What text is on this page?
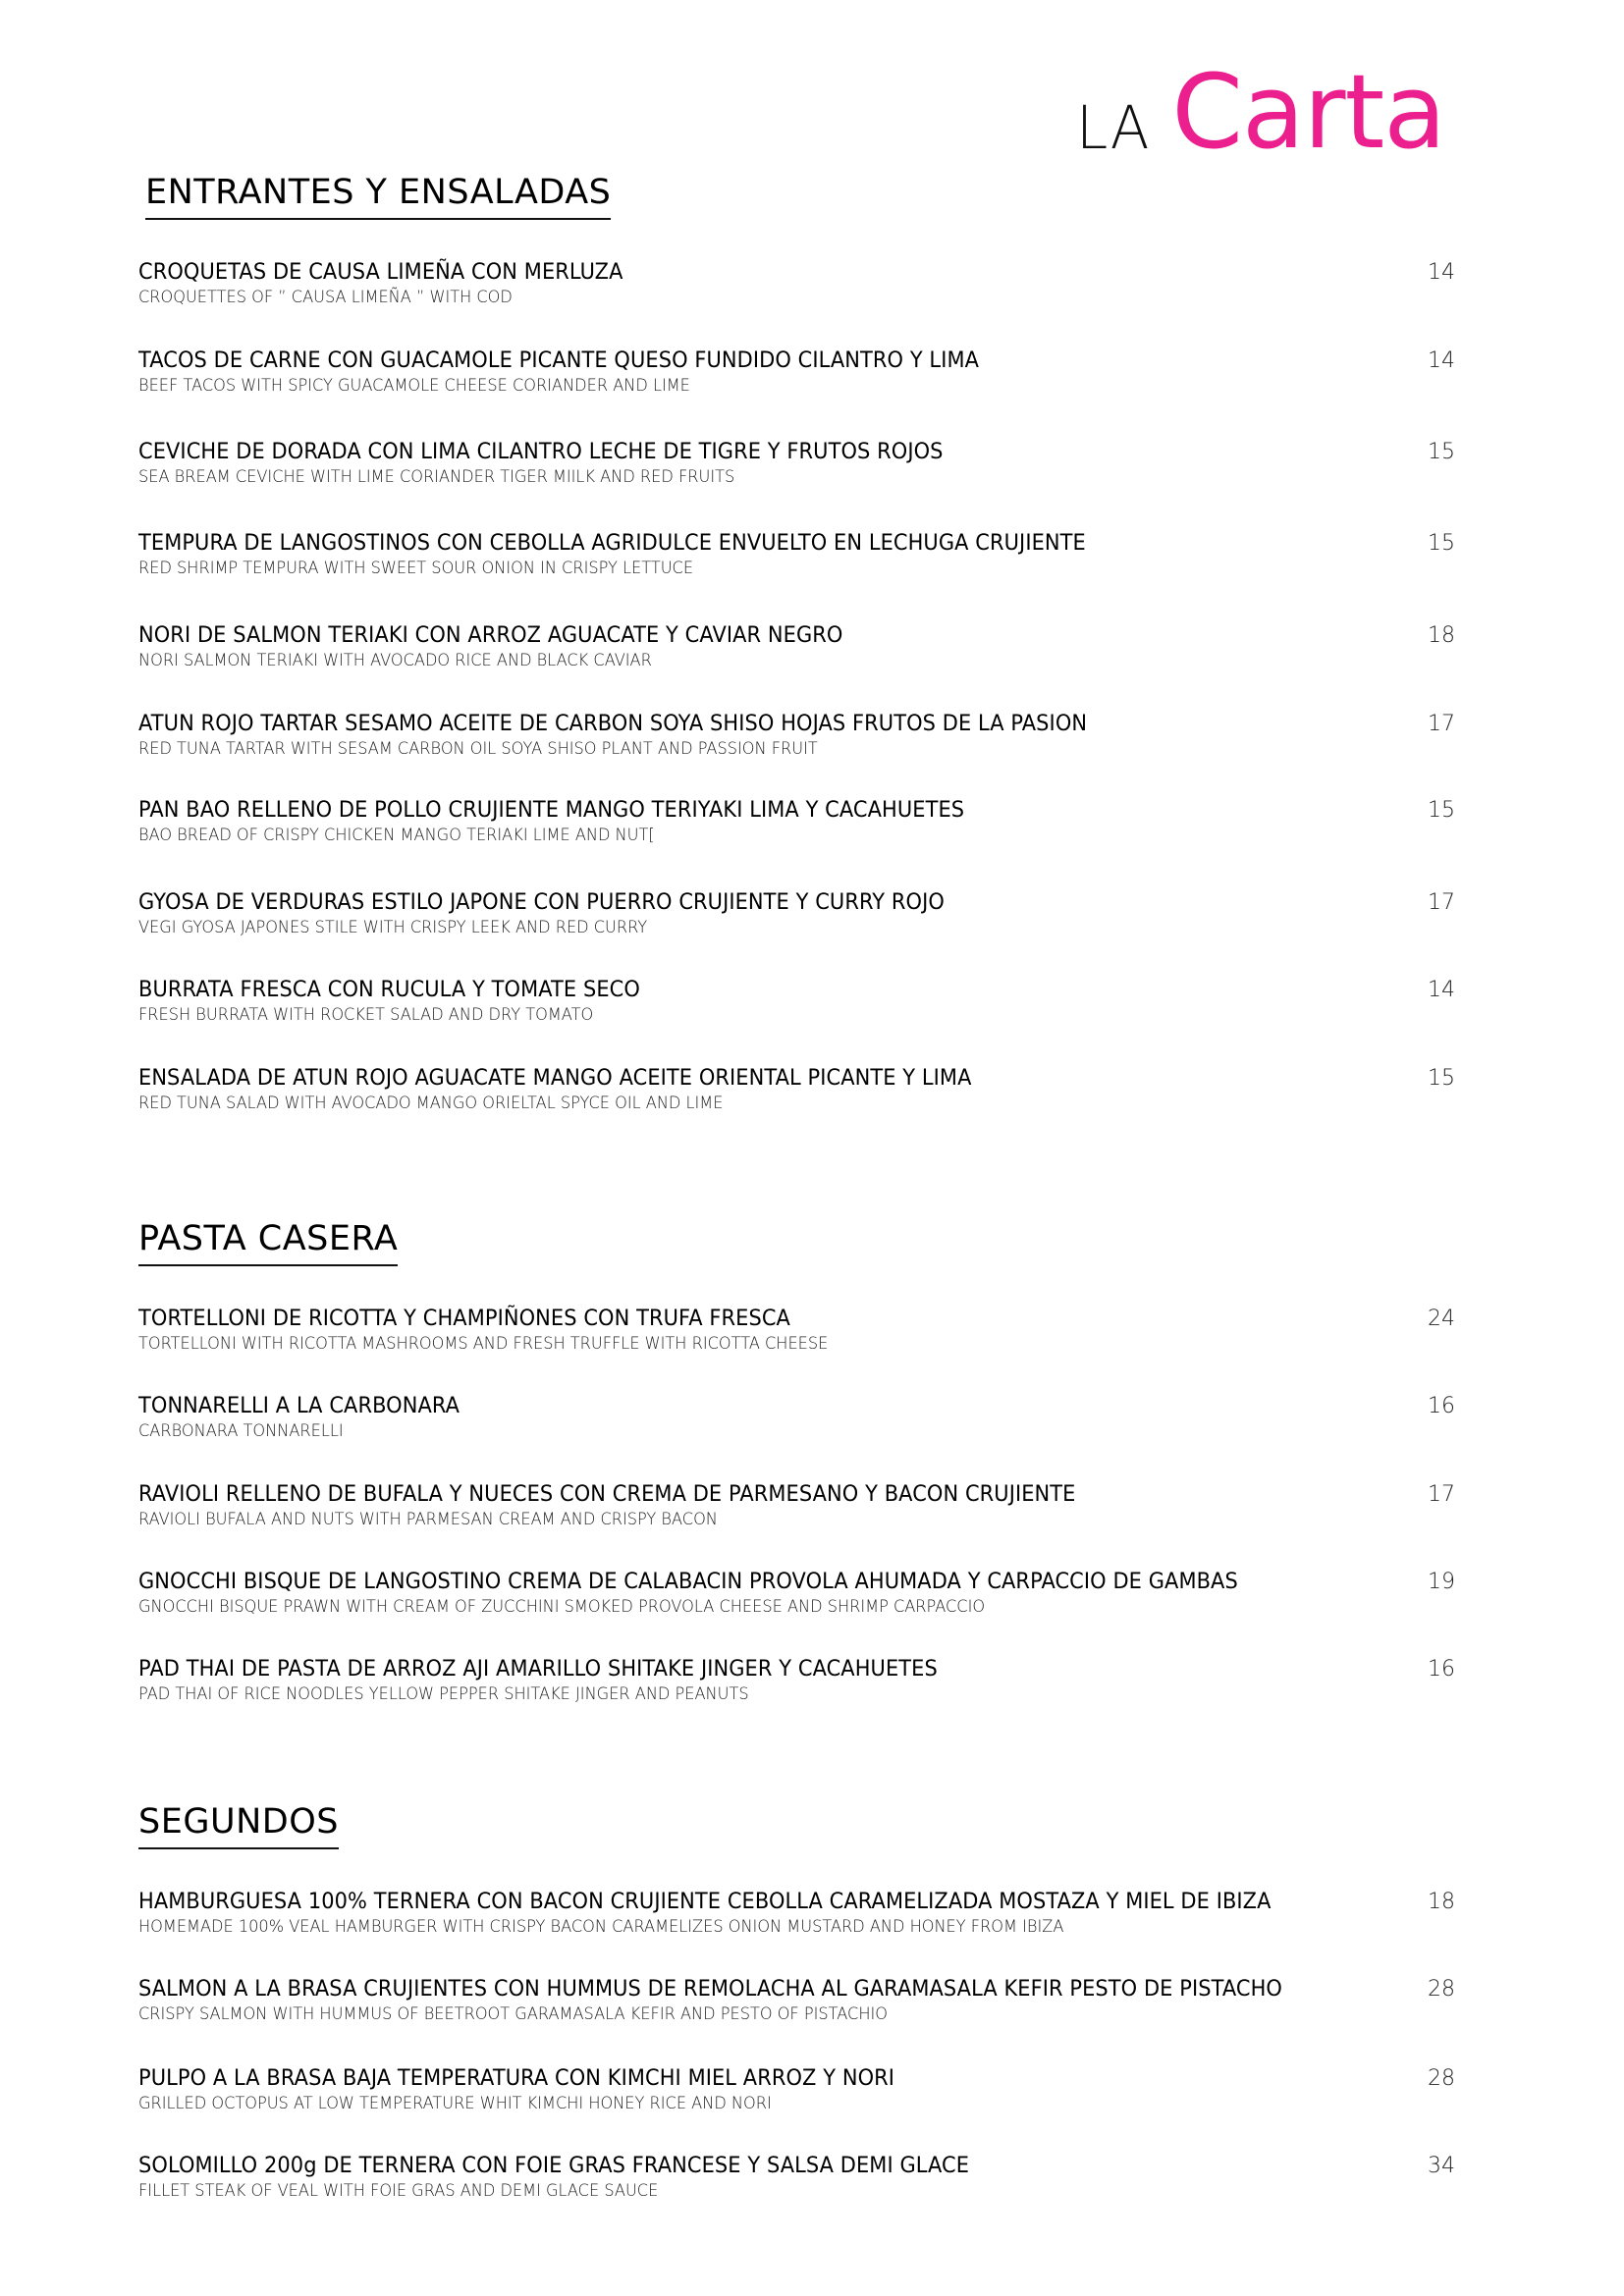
LA Carta
ENTRANTES Y ENSALADAS
CROQUETAS DE CAUSA LIMEÑA CON MERLUZA
CROQUETTES OF ” CAUSA LIMEÑA ” WITH COD
14
TACOS DE CARNE CON GUACAMOLE PICANTE QUESO FUNDIDO CILANTRO Y LIMA
BEEF TACOS WITH SPICY GUACAMOLE CHEESE CORIANDER AND LIME
14
CEVICHE DE DORADA CON LIMA CILANTRO LECHE DE TIGRE Y FRUTOS ROJOS
SEA BREAM CEVICHE WITH LIME CORIANDER TIGER MIILK AND RED FRUITS
15
TEMPURA DE LANGOSTINOS CON CEBOLLA AGRIDULCE ENVUELTO EN LECHUGA CRUJIENTE
RED SHRIMP TEMPURA WITH SWEET SOUR ONION IN CRISPY LETTUCE
15
NORI DE SALMON TERIAKI CON ARROZ AGUACATE Y CAVIAR NEGRO
NORI SALMON TERIAKI WITH AVOCADO RICE AND BLACK CAVIAR
18
ATUN ROJO TARTAR SESAMO ACEITE DE CARBON SOYA SHISO HOJAS FRUTOS DE LA PASION
RED TUNA TARTAR WITH SESAM CARBON OIL SOYA SHISO PLANT AND PASSION FRUIT
17
PAN BAO RELLENO DE POLLO CRUJIENTE MANGO TERIYAKI LIMA Y CACAHUETES
BAO BREAD OF CRISPY CHICKEN MANGO TERIAKI LIME AND NUT[
15
GYOSA DE VERDURAS ESTILO JAPONE CON PUERRO CRUJIENTE Y CURRY ROJO
VEGI GYOSA JAPONES STILE WITH CRISPY LEEK AND RED CURRY
17
BURRATA FRESCA CON RUCULA Y TOMATE SECO
FRESH BURRATA WITH ROCKET SALAD AND DRY TOMATO
14
ENSALADA DE ATUN ROJO AGUACATE MANGO ACEITE ORIENTAL PICANTE Y LIMA
RED TUNA SALAD WITH AVOCADO MANGO ORIELTAL SPYCE OIL AND LIME
15
PASTA CASERA
TORTELLONI DE RICOTTA Y CHAMPIÑONES CON TRUFA FRESCA
TORTELLONI WITH RICOTTA MASHROOMS AND FRESH TRUFFLE WITH RICOTTA CHEESE
24
TONNARELLI A LA CARBONARA
CARBONARA TONNARELLI
16
RAVIOLI RELLENO DE BUFALA Y NUECES CON CREMA DE PARMESANO Y BACON CRUJIENTE
RAVIOLI BUFALA AND NUTS WITH PARMESAN CREAM AND CRISPY BACON
17
GNOCCHI BISQUE DE LANGOSTINO CREMA DE CALABACIN PROVOLA AHUMADA Y CARPACCIO DE GAMBAS
GNOCCHI BISQUE PRAWN WITH CREAM OF ZUCCHINI SMOKED PROVOLA CHEESE AND SHRIMP CARPACCIO
19
PAD THAI DE PASTA DE ARROZ AJI AMARILLO SHITAKE JINGER Y CACAHUETES
PAD THAI OF RICE NOODLES YELLOW PEPPER SHITAKE JINGER AND PEANUTS
16
SEGUNDOS
HAMBURGUESA 100% TERNERA CON BACON CRUJIENTE CEBOLLA CARAMELIZADA MOSTAZA Y MIEL DE IBIZA
HOMEMADE 100% VEAL HAMBURGER WITH CRISPY BACON CARAMELIZES ONION MUSTARD AND HONEY FROM IBIZA
18
SALMON A LA BRASA CRUJIENTES CON HUMMUS DE REMOLACHA AL GARAMASALA KEFIR PESTO DE PISTACHO
CRISPY SALMON WITH HUMMUS OF BEETROOT GARAMASALA KEFIR AND PESTO OF PISTACHIO
28
PULPO A LA BRASA BAJA TEMPERATURA CON KIMCHI MIEL ARROZ Y NORI
GRILLED OCTOPUS AT LOW TEMPERATURE WHIT KIMCHI HONEY RICE AND NORI
28
SOLOMILLO 200g DE TERNERA CON FOIE GRAS FRANCESE Y SALSA DEMI GLACE
FILLET STEAK OF VEAL WITH FOIE GRAS AND DEMI GLACE SAUCE
34
